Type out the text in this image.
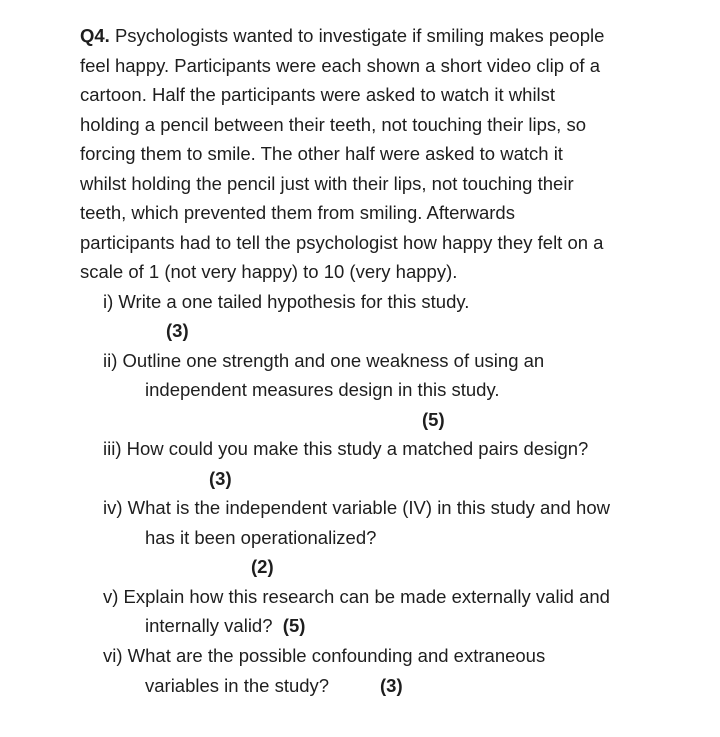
Q4. Psychologists wanted to investigate if smiling makes people
feel happy. Participants were each shown a short video clip of a
cartoon. Half the participants were asked to watch it whilst
holding a pencil between their teeth, not touching their lips, so
forcing them to smile. The other half were asked to watch it
whilst holding the pencil just with their lips, not touching their
teeth, which prevented them from smiling. Afterwards
participants had to tell the psychologist how happy they felt on a
scale of 1 (not very happy) to 10 (very happy).
i) Write a one tailed hypothesis for this study.
(3)
ii) Outline one strength and one weakness of using an
independent measures design in this study.
(5)
iii) How could you make this study a matched pairs design?
(3)
iv) What is the independent variable (IV) in this study and how
has it been operationalized?
(2)
v) Explain how this research can be made externally valid and
internally valid? (5)
vi) What are the possible confounding and extraneous
variables in the study?	(3)
